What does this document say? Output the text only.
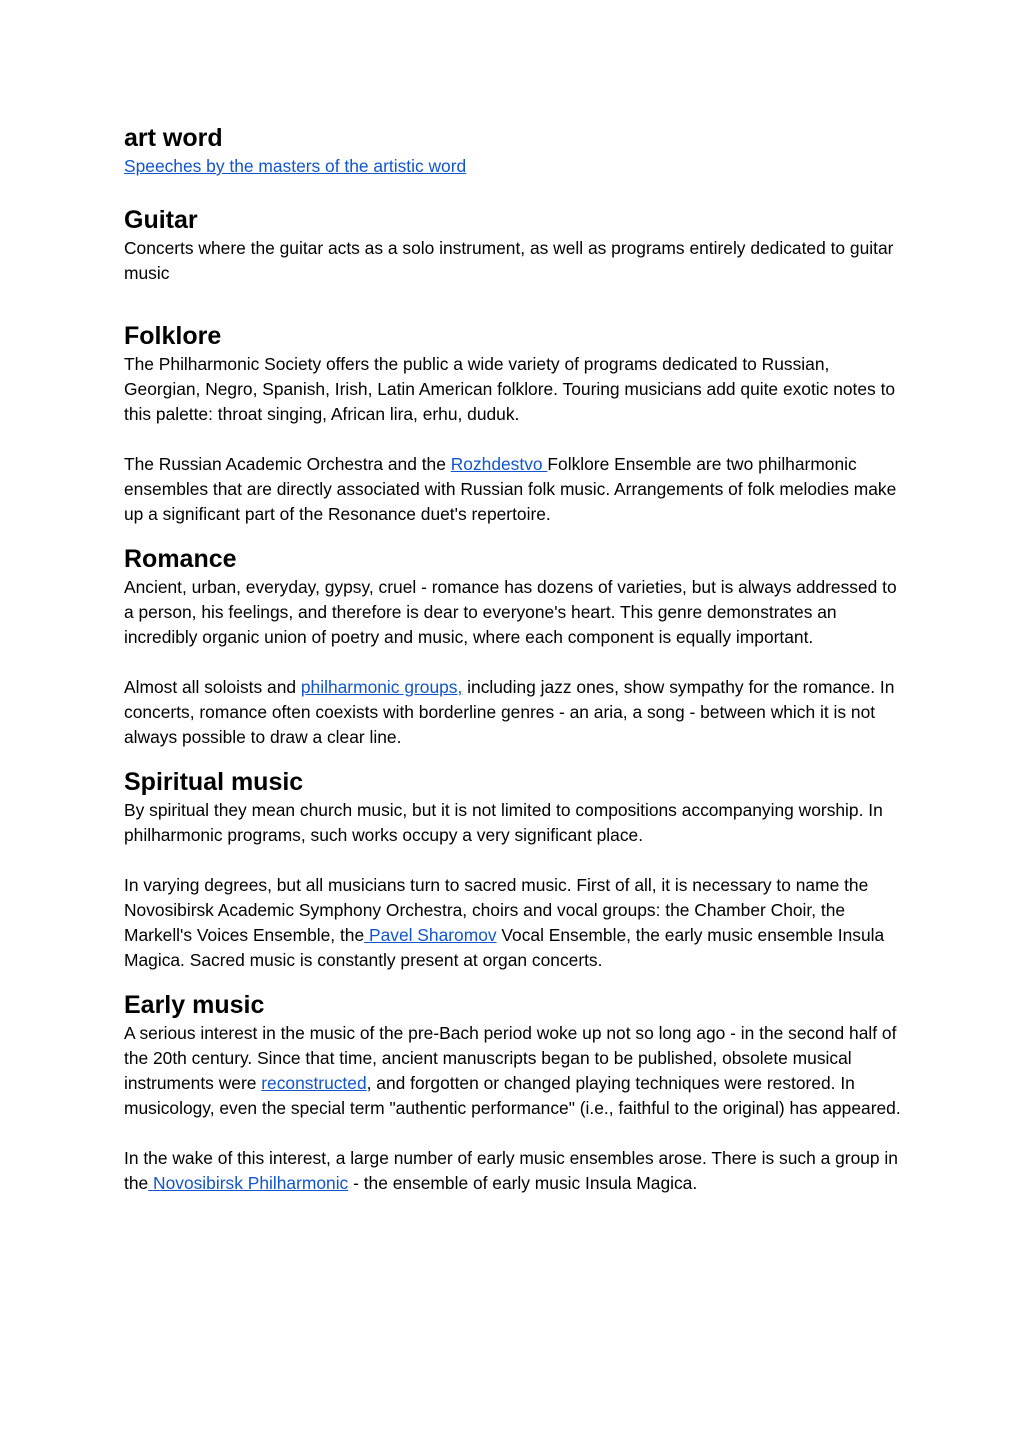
art word

Speeches by the masters of the artistic word

Guitar

Concerts where the guitar acts as a solo instrument, as well as programs entirely dedicated to guitar music

Folklore

The Philharmonic Society offers the public a wide variety of programs dedicated to Russian, Georgian, Negro, Spanish, Irish, Latin American folklore. Touring musicians add quite exotic notes to this palette: throat singing, African lira, erhu, duduk.

The Russian Academic Orchestra and the Rozhdestvo Folklore Ensemble are two philharmonic ensembles that are directly associated with Russian folk music. Arrangements of folk melodies make up a significant part of the Resonance duet's repertoire.

Romance

Ancient, urban, everyday, gypsy, cruel - romance has dozens of varieties, but is always addressed to a person, his feelings, and therefore is dear to everyone's heart. This genre demonstrates an incredibly organic union of poetry and music, where each component is equally important.

Almost all soloists and philharmonic groups, including jazz ones, show sympathy for the romance. In concerts, romance often coexists with borderline genres - an aria, a song - between which it is not always possible to draw a clear line.

Spiritual music

By spiritual they mean church music, but it is not limited to compositions accompanying worship. In philharmonic programs, such works occupy a very significant place.

In varying degrees, but all musicians turn to sacred music. First of all, it is necessary to name the Novosibirsk Academic Symphony Orchestra, choirs and vocal groups: the Chamber Choir, the Markell's Voices Ensemble, the Pavel Sharomov Vocal Ensemble, the early music ensemble Insula Magica. Sacred music is constantly present at organ concerts.

Early music

A serious interest in the music of the pre-Bach period woke up not so long ago - in the second half of the 20th century. Since that time, ancient manuscripts began to be published, obsolete musical instruments were reconstructed, and forgotten or changed playing techniques were restored. In musicology, even the special term "authentic performance" (i.e., faithful to the original) has appeared.

In the wake of this interest, a large number of early music ensembles arose. There is such a group in the Novosibirsk Philharmonic - the ensemble of early music Insula Magica.
